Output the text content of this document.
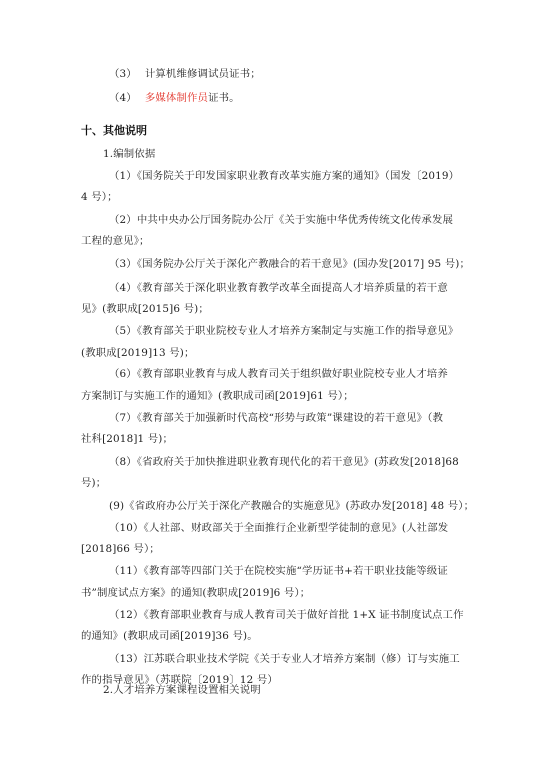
（3） 计算机维修调试员证书；
（4） 多媒体制作员证书。
十、其他说明
1.编制依据
（1）《国务院关于印发国家职业教育改革实施方案的通知》（国发〔2019）
4 号）；
（2）中共中央办公厅国务院办公厅《关于实施中华优秀传统文化传承发展
工程的意见》；
（3）《国务院办公厅关于深化产教融合的若干意见》(国办发[2017] 95 号)；
（4）《教育部关于深化职业教育教学改革全面提高人才培养质量的若干意
见》(教职成[2015]6 号)；
（5）《教育部关于职业院校专业人才培养方案制定与实施工作的指导意见》
(教职成[2019]13 号)；
（6）《教育部职业教育与成人教育司关于组织做好职业院校专业人才培养
方案制订与实施工作的通知》(教职成司函[2019]61 号）；
（7）《教育部关于加强新时代高校“形势与政策”课建设的若干意见》（教
社科[2018]1 号)；
（8）《省政府关于加快推进职业教育现代化的若干意见》(苏政发[2018]68
号)；
(9)《省政府办公厅关于深化产教融合的实施意见》(苏政办发[2018] 48 号）；
（10）《人社部、财政部关于全面推行企业新型学徒制的意见》(人社部发
[2018]66 号）；
（11）《教育部等四部门关于在院校实施“学历证书+若干职业技能等级证
书”制度试点方案》的通知(教职成[2019]6 号）；
（12）《教育部职业教育与成人教育司关于做好首批 1+X 证书制度试点工作
的通知》(教职成司函[2019]36 号)。
（13）江苏联合职业技术学院《关于专业人才培养方案制（修）订与实施工
作的指导意见》（苏联院〔2019〕12 号）
2.人才培养方案课程设置相关说明
